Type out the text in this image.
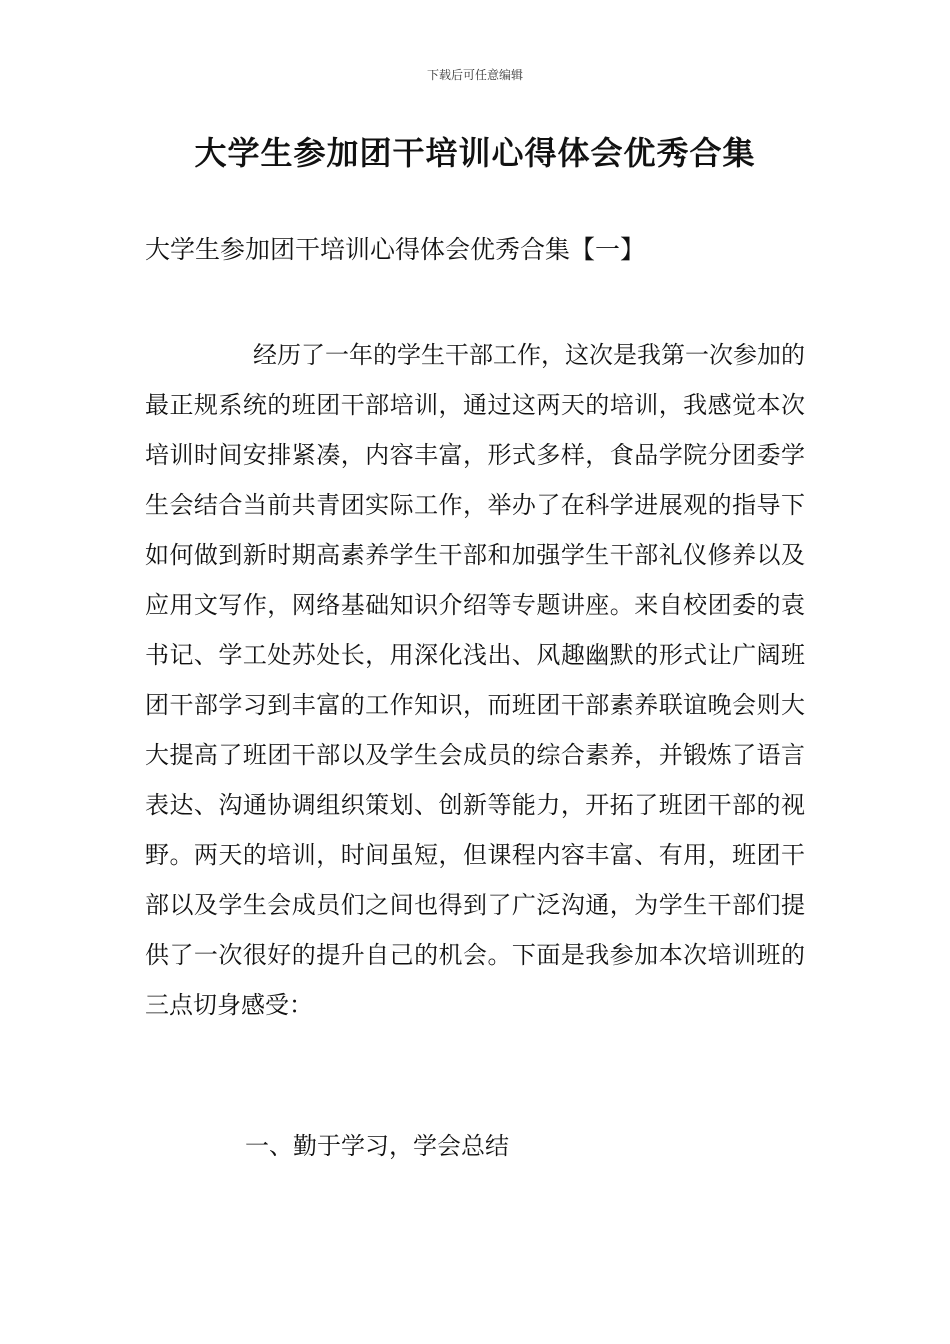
下载后可任意编辑
大学生参加团干培训心得体会优秀合集
大学生参加团干培训心得体会优秀合集【一】

经历了一年的学生干部工作，这次是我第一次参加的最正规系统的班团干部培训，通过这两天的培训，我感觉本次培训时间安排紧凑，内容丰富，形式多样，食品学院分团委学生会结合当前共青团实际工作，举办了在科学进展观的指导下如何做到新时期高素养学生干部和加强学生干部礼仪修养以及应用文写作，网络基础知识介绍等专题讲座。来自校团委的袁书记、学工处苏处长，用深化浅出、风趣幽默的形式让广阔班团干部学习到丰富的工作知识，而班团干部素养联谊晚会则大大提高了班团干部以及学生会成员的综合素养，并锻炼了语言表达、沟通协调组织策划、创新等能力，开拓了班团干部的视野。两天的培训，时间虽短，但课程内容丰富、有用，班团干部以及学生会成员们之间也得到了广泛沟通，为学生干部们提供了一次很好的提升自己的机会。下面是我参加本次培训班的三点切身感受：

一、勤于学习，学会总结
